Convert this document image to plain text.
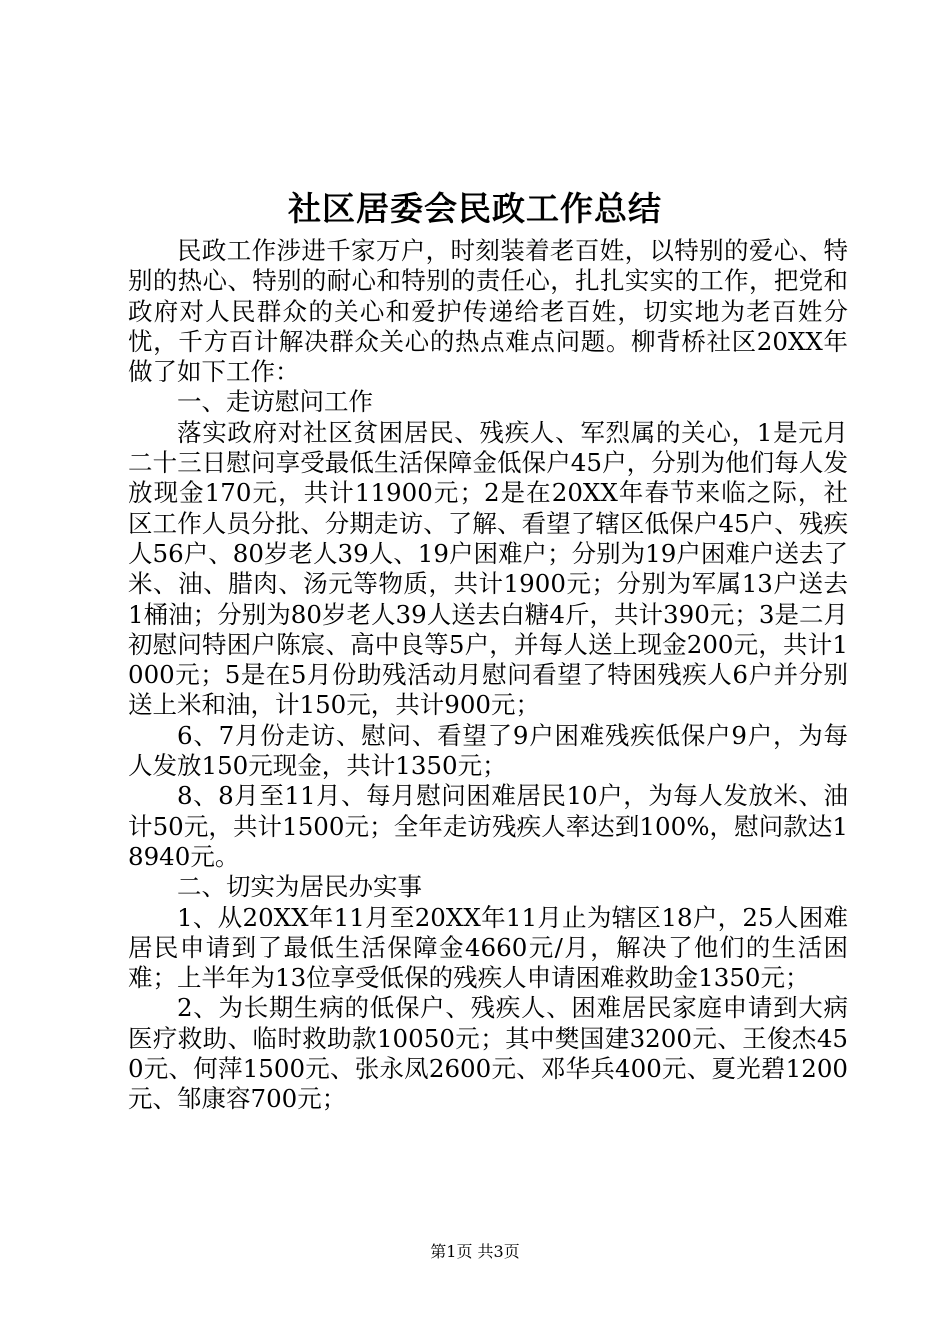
社区居委会民政工作总结

民政工作涉进千家万户，时刻装着老百姓，以特别的爱心、特别的热心、特别的耐心和特别的责任心，扎扎实实的工作，把党和政府对人民群众的关心和爱护传递给老百姓，切实地为老百姓分忧，千方百计解决群众关心的热点难点问题。柳背桥社区20XX年做了如下工作：

一、走访慰问工作

落实政府对社区贫困居民、残疾人、军烈属的关心，1是元月二十三日慰问享受最低生活保障金低保户45户，分别为他们每人发放现金170元，共计11900元；2是在20XX年春节来临之际，社区工作人员分批、分期走访、了解、看望了辖区低保户45户、残疾人56户、80岁老人39人、19户困难户；分别为19户困难户送去了米、油、腊肉、汤元等物质，共计1900元；分别为军属13户送去1桶油；分别为80岁老人39人送去白糖4斤，共计390元；3是二月初慰问特困户陈宸、高中良等5户，并每人送上现金200元，共计1000元；5是在5月份助残活动月慰问看望了特困残疾人6户并分别送上米和油，计150元，共计900元；

6、7月份走访、慰问、看望了9户困难残疾低保户9户，为每人发放150元现金，共计1350元；

8、8月至11月、每月慰问困难居民10户，为每人发放米、油计50元，共计1500元；全年走访残疾人率达到100%，慰问款达18940元。

二、切实为居民办实事

1、从20XX年11月至20XX年11月止为辖区18户，25人困难居民申请到了最低生活保障金4660元/月，解决了他们的生活困难；上半年为13位享受低保的残疾人申请困难救助金1350元；

2、为长期生病的低保户、残疾人、困难居民家庭申请到大病医疗救助、临时救助款10050元；其中樊国建3200元、王俊杰450元、何萍1500元、张永凤2600元、邓华兵400元、夏光碧1200元、邹康容700元；

第1页 共3页
